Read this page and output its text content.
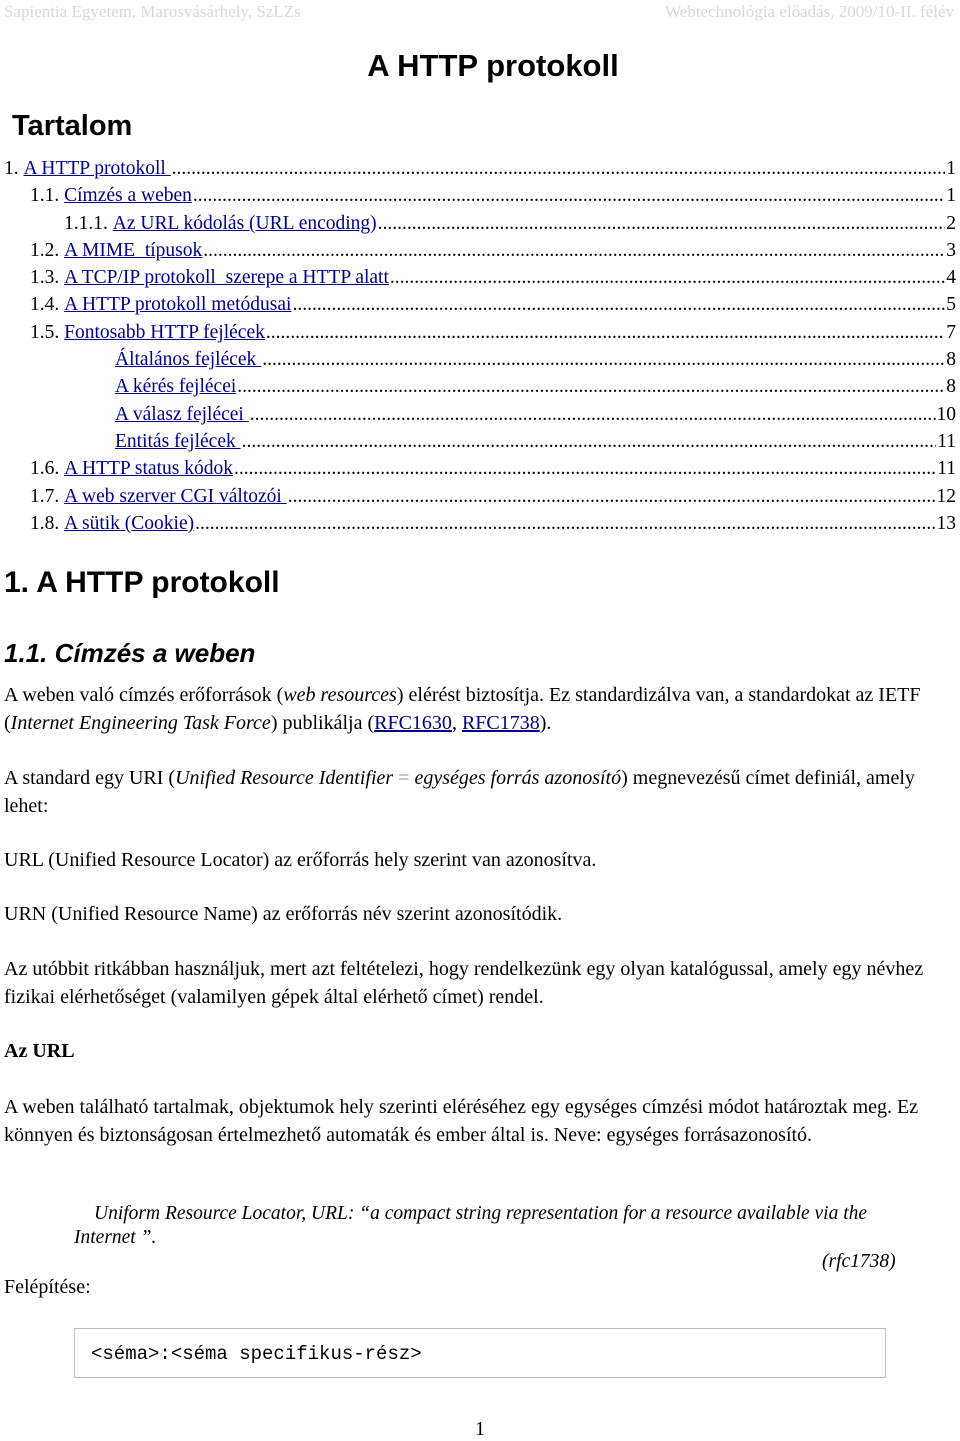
Sapientia Egyetem, Marosvásárhely, SzLZs	Webtechnológia előadás, 2009/10-II. félév
A HTTP protokoll
Tartalom
1. A HTTP protokoll .....	1
1.1. Címzés a weben .....	1
1.1.1. Az URL kódolás (URL encoding) .....	2
1.2. A MIME  típusok .....	3
1.3. A TCP/IP protokoll  szerepe a HTTP alatt .....	4
1.4. A HTTP protokoll metódusai .....	5
1.5. Fontosabb HTTP fejlécek .....	7
Általános fejlécek .....	8
A kérés fejlécei .....	8
A válasz fejlécei .....	10
Entitás fejlécek .....	11
1.6. A HTTP status kódok .....	11
1.7. A web szerver CGI változói .....	12
1.8. A sütik (Cookie) .....	13
1. A HTTP protokoll
1.1. Címzés a weben

A weben való címzés erőforrások (web resources) elérést biztosítja. Ez standardizálva van, a standardokat az IETF (Internet Engineering Task Force) publikálja (RFC1630, RFC1738).

A standard egy URI (Unified Resource Identifier = egységes forrás azonosító) megnevezésű címet definiál, amely lehet:

URL (Unified Resource Locator) az erőforrás hely szerint van azonosítva.

URN (Unified Resource Name) az erőforrás név szerint azonosítódik.

Az utóbbit ritkábban használjuk, mert azt feltételezi, hogy rendelkezünk egy olyan katalógussal, amely egy névhez fizikai elérhetőséget (valamilyen gépek által elérhető címet) rendel.

Az URL

A weben található tartalmak, objektumok hely szerinti eléréséhez egy egységes címzési módot határoztak meg. Ez könnyen és biztonságosan értelmezhető automaták és ember által is. Neve: egységes forrásazonosító.

Uniform Resource Locator, URL: “a compact string representation for a resource available via the
Internet ”.
(rfc1738)
Felépítése:
<séma>:<séma specifikus-rész>
1
